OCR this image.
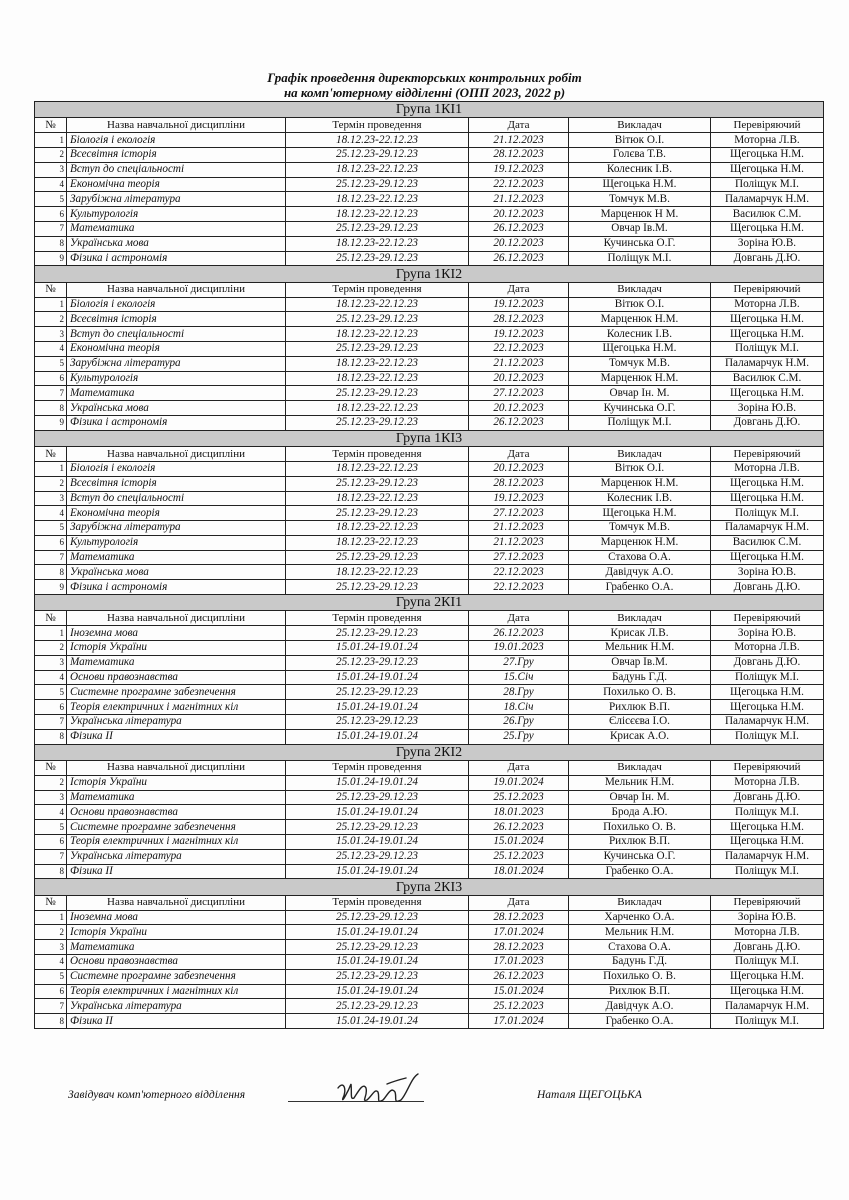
Графік проведення директорських контрольних робіт
на комп'ютерному відділенні (ОПП 2023, 2022 р)
Група 1КІ1					
№	Назва навчальної дисципліни	Термін проведення	Дата	Викладач	Перевіряючий
1	Біологія і екологія	18.12.23-22.12.23	21.12.2023	Вітюк О.І.	Моторна Л.В.
2	Всесвітня історія	25.12.23-29.12.23	28.12.2023	Голєва Т.В.	Щегоцька Н.М.
3	Вступ до спеціальності	18.12.23-22.12.23	19.12.2023	Колесник І.В.	Щегоцька Н.М.
4	Економічна теорія	25.12.23-29.12.23	22.12.2023	Щегоцька Н.М.	Поліщук М.І.
5	Зарубіжна література	18.12.23-22.12.23	21.12.2023	Томчук М.В.	Паламарчук Н.М.
6	Культурологія	18.12.23-22.12.23	20.12.2023	Марценюк Н М.	Василюк С.М.
7	Математика	25.12.23-29.12.23	26.12.2023	Овчар Ів.М.	Щегоцька Н.М.
8	Українська мова	18.12.23-22.12.23	20.12.2023	Кучинська О.Г.	Зоріна Ю.В.
9	Фізика і астрономія	25.12.23-29.12.23	26.12.2023	Поліщук М.І.	Довгань Д.Ю.
Група 1КІ2					
№	Назва навчальної дисципліни	Термін проведення	Дата	Викладач	Перевіряючий
1	Біологія і екологія	18.12.23-22.12.23	19.12.2023	Вітюк О.І.	Моторна Л.В.
2	Всесвітня історія	25.12.23-29.12.23	28.12.2023	Марценюк Н.М.	Щегоцька Н.М.
3	Вступ до спеціальності	18.12.23-22.12.23	19.12.2023	Колесник І.В.	Щегоцька Н.М.
4	Економічна теорія	25.12.23-29.12.23	22.12.2023	Щегоцька Н.М.	Поліщук М.І.
5	Зарубіжна література	18.12.23-22.12.23	21.12.2023	Томчук М.В.	Паламарчук Н.М.
6	Культурологія	18.12.23-22.12.23	20.12.2023	Марценюк Н.М.	Василюк С.М.
7	Математика	25.12.23-29.12.23	27.12.2023	Овчар Ін. М.	Щегоцька Н.М.
8	Українська мова	18.12.23-22.12.23	20.12.2023	Кучинська О.Г.	Зоріна Ю.В.
9	Фізика і астрономія	25.12.23-29.12.23	26.12.2023	Поліщук М.І.	Довгань Д.Ю.
Група 1КІ3					
№	Назва навчальної дисципліни	Термін проведення	Дата	Викладач	Перевіряючий
1	Біологія і екологія	18.12.23-22.12.23	20.12.2023	Вітюк О.І.	Моторна Л.В.
2	Всесвітня історія	25.12.23-29.12.23	28.12.2023	Марценюк Н.М.	Щегоцька Н.М.
3	Вступ до спеціальності	18.12.23-22.12.23	19.12.2023	Колесник І.В.	Щегоцька Н.М.
4	Економічна теорія	25.12.23-29.12.23	27.12.2023	Щегоцька Н.М.	Поліщук М.І.
5	Зарубіжна література	18.12.23-22.12.23	21.12.2023	Томчук М.В.	Паламарчук Н.М.
6	Культурологія	18.12.23-22.12.23	21.12.2023	Марценюк Н.М.	Василюк С.М.
7	Математика	25.12.23-29.12.23	27.12.2023	Стахова О.А.	Щегоцька Н.М.
8	Українська мова	18.12.23-22.12.23	22.12.2023	Давідчук А.О.	Зоріна Ю.В.
9	Фізика і астрономія	25.12.23-29.12.23	22.12.2023	Грабенко О.А.	Довгань Д.Ю.
Група 2КІ1					
№	Назва навчальної дисципліни	Термін проведення	Дата	Викладач	Перевіряючий
1	Іноземна мова	25.12.23-29.12.23	26.12.2023	Крисак Л.В.	Зоріна Ю.В.
2	Історія України	15.01.24-19.01.24	19.01.2023	Мельник Н.М.	Моторна Л.В.
3	Математика	25.12.23-29.12.23	27.Гру	Овчар Ів.М.	Довгань Д.Ю.
4	Основи правознавства	15.01.24-19.01.24	15.Січ	Бадунь Г.Д.	Поліщук М.І.
5	Системне програмне забезпечення	25.12.23-29.12.23	28.Гру	Похилько О. В.	Щегоцька Н.М.
6	Теорія електричних і магнітних кіл	15.01.24-19.01.24	18.Січ	Рихлюк В.П.	Щегоцька Н.М.
7	Українська література	25.12.23-29.12.23	26.Гру	Єлісєєва І.О.	Паламарчук Н.М.
8	Фізика ІІ	15.01.24-19.01.24	25.Гру	Крисак А.О.	Поліщук М.І.
Група 2КІ2					
№	Назва навчальної дисципліни	Термін проведення	Дата	Викладач	Перевіряючий
2	Історія України	15.01.24-19.01.24	19.01.2024	Мельник Н.М.	Моторна Л.В.
3	Математика	25.12.23-29.12.23	25.12.2023	Овчар Ін. М.	Довгань Д.Ю.
4	Основи правознавства	15.01.24-19.01.24	18.01.2023	Брода А.Ю.	Поліщук М.І.
5	Системне програмне забезпечення	25.12.23-29.12.23	26.12.2023	Похилько О. В.	Щегоцька Н.М.
6	Теорія електричних і магнітних кіл	15.01.24-19.01.24	15.01.2024	Рихлюк В.П.	Щегоцька Н.М.
7	Українська література	25.12.23-29.12.23	25.12.2023	Кучинська О.Г.	Паламарчук Н.М.
8	Фізика ІІ	15.01.24-19.01.24	18.01.2024	Грабенко О.А.	Поліщук М.І.
Група 2КІ3					
№	Назва навчальної дисципліни	Термін проведення	Дата	Викладач	Перевіряючий
1	Іноземна мова	25.12.23-29.12.23	28.12.2023	Харченко О.А.	Зоріна Ю.В.
2	Історія України	15.01.24-19.01.24	17.01.2024	Мельник Н.М.	Моторна Л.В.
3	Математика	25.12.23-29.12.23	28.12.2023	Стахова О.А.	Довгань Д.Ю.
4	Основи правознавства	15.01.24-19.01.24	17.01.2023	Бадунь Г.Д.	Поліщук М.І.
5	Системне програмне забезпечення	25.12.23-29.12.23	26.12.2023	Похилько О. В.	Щегоцька Н.М.
6	Теорія електричних і магнітних кіл	15.01.24-19.01.24	15.01.2024	Рихлюк В.П.	Щегоцька Н.М.
7	Українська література	25.12.23-29.12.23	25.12.2023	Давідчук А.О.	Паламарчук Н.М.
8	Фізика ІІ	15.01.24-19.01.24	17.01.2024	Грабенко О.А.	Поліщук М.І.
Завідувач комп'ютерного відділення	Наталя ЩЕГОЦЬКА
